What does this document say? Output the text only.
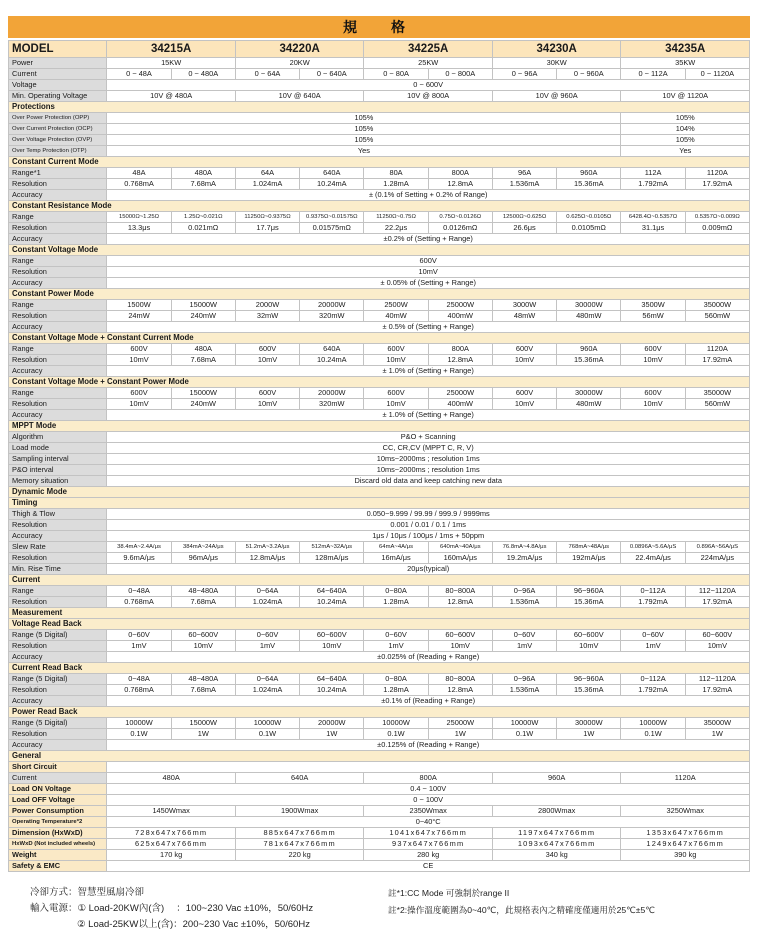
規　格
MODEL	34215A		34220A		34225A		34230A		34235A	
Power	15KW		20KW		25KW		30KW		35KW	
Current	0 ~ 48A	0 ~ 480A	0 ~ 64A	0 ~ 640A	0 ~ 80A	0 ~ 800A	0 ~ 96A	0 ~ 960A	0 ~ 112A	0 ~ 1120A
Voltage	0 ~ 600V									
Min. Operating Voltage	10V @ 480A		10V @ 640A		10V @ 800A		10V @ 960A		10V @ 1120A	
Protections										
Over Power Protection (OPP)	105%								105%	
Over Current Protection (OCP)	105%								104%	
Over Voltage Protection (OVP)	105%								105%	
Over Temp Protection (OTP)	Yes								Yes	
Constant Current Mode										
Range*1	48A	480A	64A	640A	80A	800A	96A	960A	112A	1120A
Resolution	0.768mA	7.68mA	1.024mA	10.24mA	1.28mA	12.8mA	1.536mA	15.36mA	1.792mA	17.92mA
Accuracy	± (0.1% of Setting + 0.2% of Range)									
Constant Resistance Mode										
Range	15000Ω~1.25Ω	1.25Ω~0.021Ω	11250Ω~0.9375Ω	0.9375Ω~0.01575Ω	11250Ω~0.75Ω	0.75Ω~0.0126Ω	12500Ω~0.625Ω	0.625Ω~0.0105Ω	6428.4Ω~0.5357Ω	0.5357Ω~0.009Ω
Resolution	13.3μs	0.021mΩ	17.7μs	0.01575mΩ	22.2μs	0.0126mΩ	26.6μs	0.0105mΩ	31.1μs	0.009mΩ
Accuracy	±0.2% of (Setting + Range)									
Constant Voltage Mode										
Range	600V									
Resolution	10mV									
Accuracy	± 0.05% of (Setting + Range)									
Constant Power Mode										
Range	1500W	15000W	2000W	20000W	2500W	25000W	3000W	30000W	3500W	35000W
Resolution	24mW	240mW	32mW	320mW	40mW	400mW	48mW	480mW	56mW	560mW
Accuracy	± 0.5% of (Setting + Range)									
Constant Voltage Mode + Constant Current Mode										
Range	600V	480A	600V	640A	600V	800A	600V	960A	600V	1120A
Resolution	10mV	7.68mA	10mV	10.24mA	10mV	12.8mA	10mV	15.36mA	10mV	17.92mA
Accuracy	± 1.0% of (Setting + Range)									
Constant Voltage Mode + Constant Power Mode										
Range	600V	15000W	600V	20000W	600V	25000W	600V	30000W	600V	35000W
Resolution	10mV	240mW	10mV	320mW	10mV	400mW	10mV	480mW	10mV	560mW
Accuracy	± 1.0% of (Setting + Range)									
MPPT Mode										
Algorithm	P&O + Scanning									
Load mode	CC, CR,CV (MPPT C, R, V)									
Sampling interval	10ms~2000ms ; resolution 1ms									
P&O interval	10ms~2000ms ; resolution 1ms									
Memory situation	Discard old data and keep catching new data									
Dynamic Mode										
Timing										
Thigh & Tlow	0.050~9.999 / 99.99 / 999.9 / 9999ms									
Resolution	0.001 / 0.01 / 0.1 / 1ms									
Accuracy	1μs / 10μs / 100μs / 1ms + 50ppm									
Slew Rate	38.4mA~2.4A/μs	384mA~24A/μs	51.2mA~3.2A/μs	512mA~32A/μs	64mA~4A/μs	640mA~40A/μs	76.8mA~4.8A/μs	768mA~48A/μs	0.0896A~5.6A/μS	0.896A~56A/μS
Resolution	9.6mA/μs	96mA/μs	12.8mA/μs	128mA/μs	16mA/μs	160mA/μs	19.2mA/μs	192mA/μs	22.4mA/μs	224mA/μs
Min. Rise Time	20μs(typical)									
Current										
Range	0~48A	48~480A	0~64A	64~640A	0~80A	80~800A	0~96A	96~960A	0~112A	112~1120A
Resolution	0.768mA	7.68mA	1.024mA	10.24mA	1.28mA	12.8mA	1.536mA	15.36mA	1.792mA	17.92mA
Measurement										
Voltage Read Back										
Range (5 Digital)	0~60V	60~600V	0~60V	60~600V	0~60V	60~600V	0~60V	60~600V	0~60V	60~600V
Resolution	1mV	10mV	1mV	10mV	1mV	10mV	1mV	10mV	1mV	10mV
Accuracy	±0.025% of (Reading + Range)									
Current Read Back										
Range (5 Digital)	0~48A	48~480A	0~64A	64~640A	0~80A	80~800A	0~96A	96~960A	0~112A	112~1120A
Resolution	0.768mA	7.68mA	1.024mA	10.24mA	1.28mA	12.8mA	1.536mA	15.36mA	1.792mA	17.92mA
Accuracy	±0.1% of (Reading + Range)									
Power Read Back										
Range (5 Digital)	10000W	15000W	10000W	20000W	10000W	25000W	10000W	30000W	10000W	35000W
Resolution	0.1W	1W	0.1W	1W	0.1W	1W	0.1W	1W	0.1W	1W
Accuracy	±0.125% of (Reading + Range)									
General										
Short Circuit										
Current	480A		640A		800A		960A		1120A	
Load ON Voltage	0.4 ~ 100V									
Load OFF Voltage	0 ~ 100V									
Power Consumption	1450Wmax		1900Wmax		2350Wmax		2800Wmax		3250Wmax	
Operating Temperature*2	0~40°C									
Dimension (HxWxD)	728x647x766mm		885x647x766mm		1041x647x766mm		1197x647x766mm		1353x647x766mm	
HxWxD (Not included wheels)	625x647x766mm		781x647x766mm		937x647x766mm		1093x647x766mm		1249x647x766mm	
Weight	170 kg		220 kg		280 kg		340 kg		390 kg	
Safety & EMC	CE									
冷卻方式：智慧型風扇冷卻
輸入電源：① Load-20KW內(含)　 ：100~230 Vac ±10%，50/60Hz
② Load-25KW以上(含)：200~230 Vac ±10%，50/60Hz
註*1:CC Mode 可強制於range II
註*2:操作溫度範圍為0~40℃，此規格表內之精確度僅適用於25℃±5℃
